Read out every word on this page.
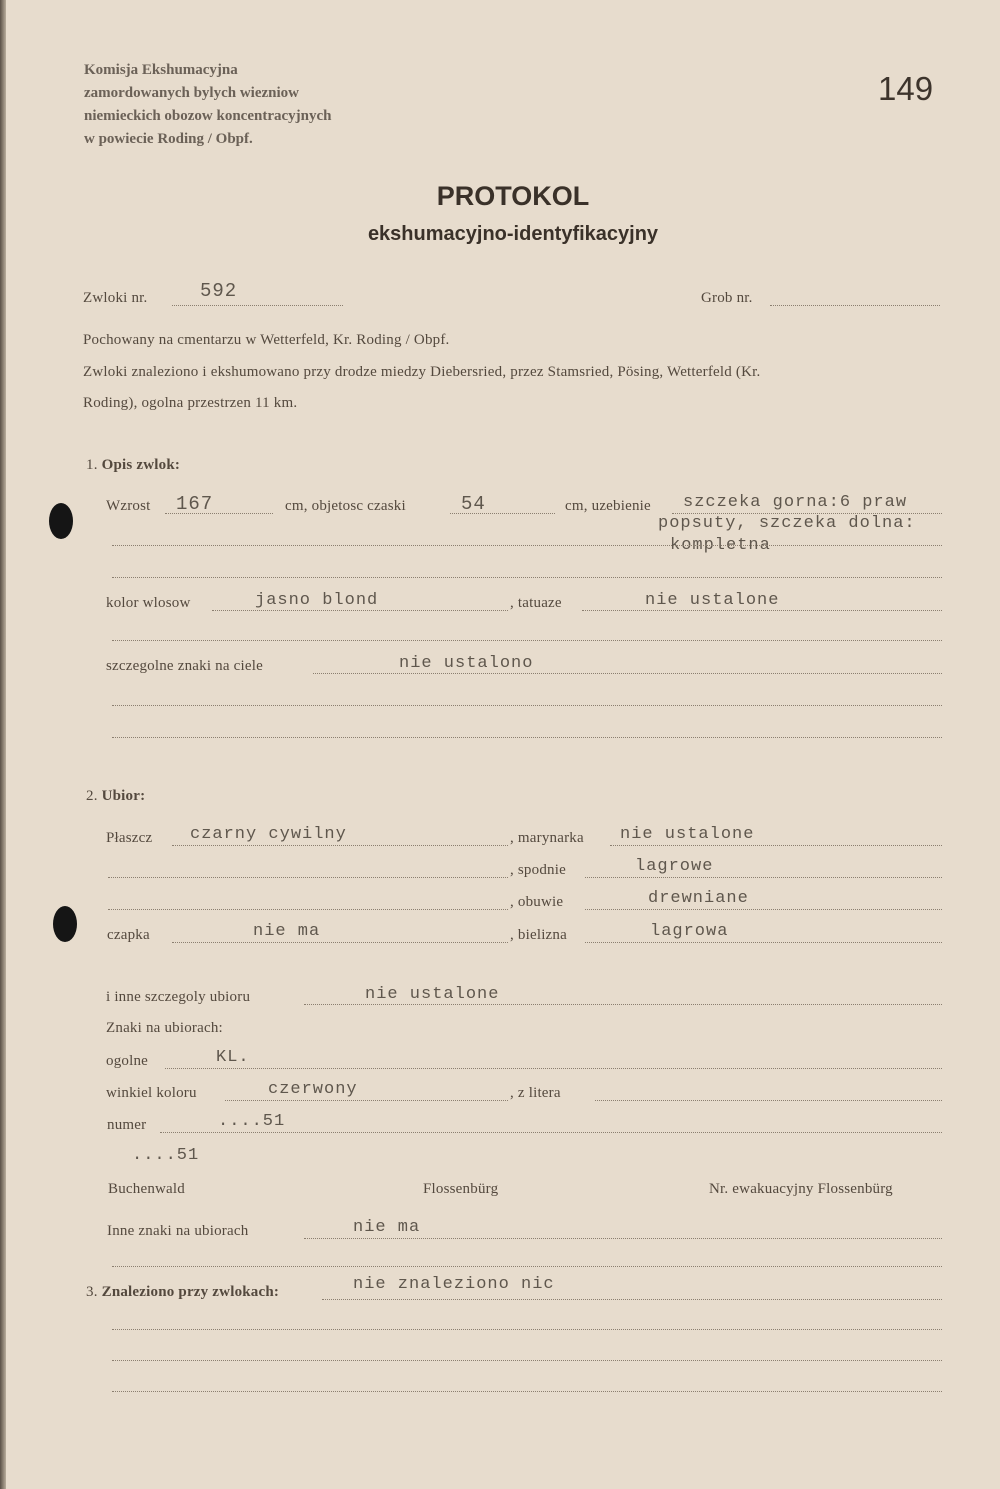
Komisja Ekshumacyjna
zamordowanych bylych wiezniow
niemieckich obozow koncentracyjnych
w powiecie Roding / Obpf.
149
PROTOKOL
ekshumacyjno-identyfikacyjny
Zwloki nr.	592	Grob nr.
Pochowany na cmentarzu w Wetterfeld, Kr. Roding / Obpf.
Zwloki znaleziono i ekshumowano przy drodze miedzy Diebersried, przez Stamsried, Pösing, Wetterfeld (Kr.
Roding), ogolna przestrzen 11 km.
1. Opis zwlok:
Wzrost 167	cm, objetosc czaski	54	cm, uzebienie szczeka gorna:6 praw
popsuty, szczeka dolna:
kompletna
kolor wlosow	jasno blond	, tatuaze	nie ustalone
szczegolne znaki na ciele	nie ustalono
2. Ubior:
Płaszcz czarny cywilny	, marynarka nie ustalone
, spodnie	lagrowe
, obuwie	drewniane
czapka	nie ma	, bielizna	lagrowa
i inne szczegoly ubioru	nie ustalone
Znaki na ubiorach:
ogolne	KL.
winkiel koloru	czerwony	, z litera
numer	....51
....51
Buchenwald	Flossenbürg	Nr. ewakuacyjny Flossenbürg
Inne znaki na ubiorach	nie ma
3. Znaleziono przy zwlokach:	nie znaleziono nic
